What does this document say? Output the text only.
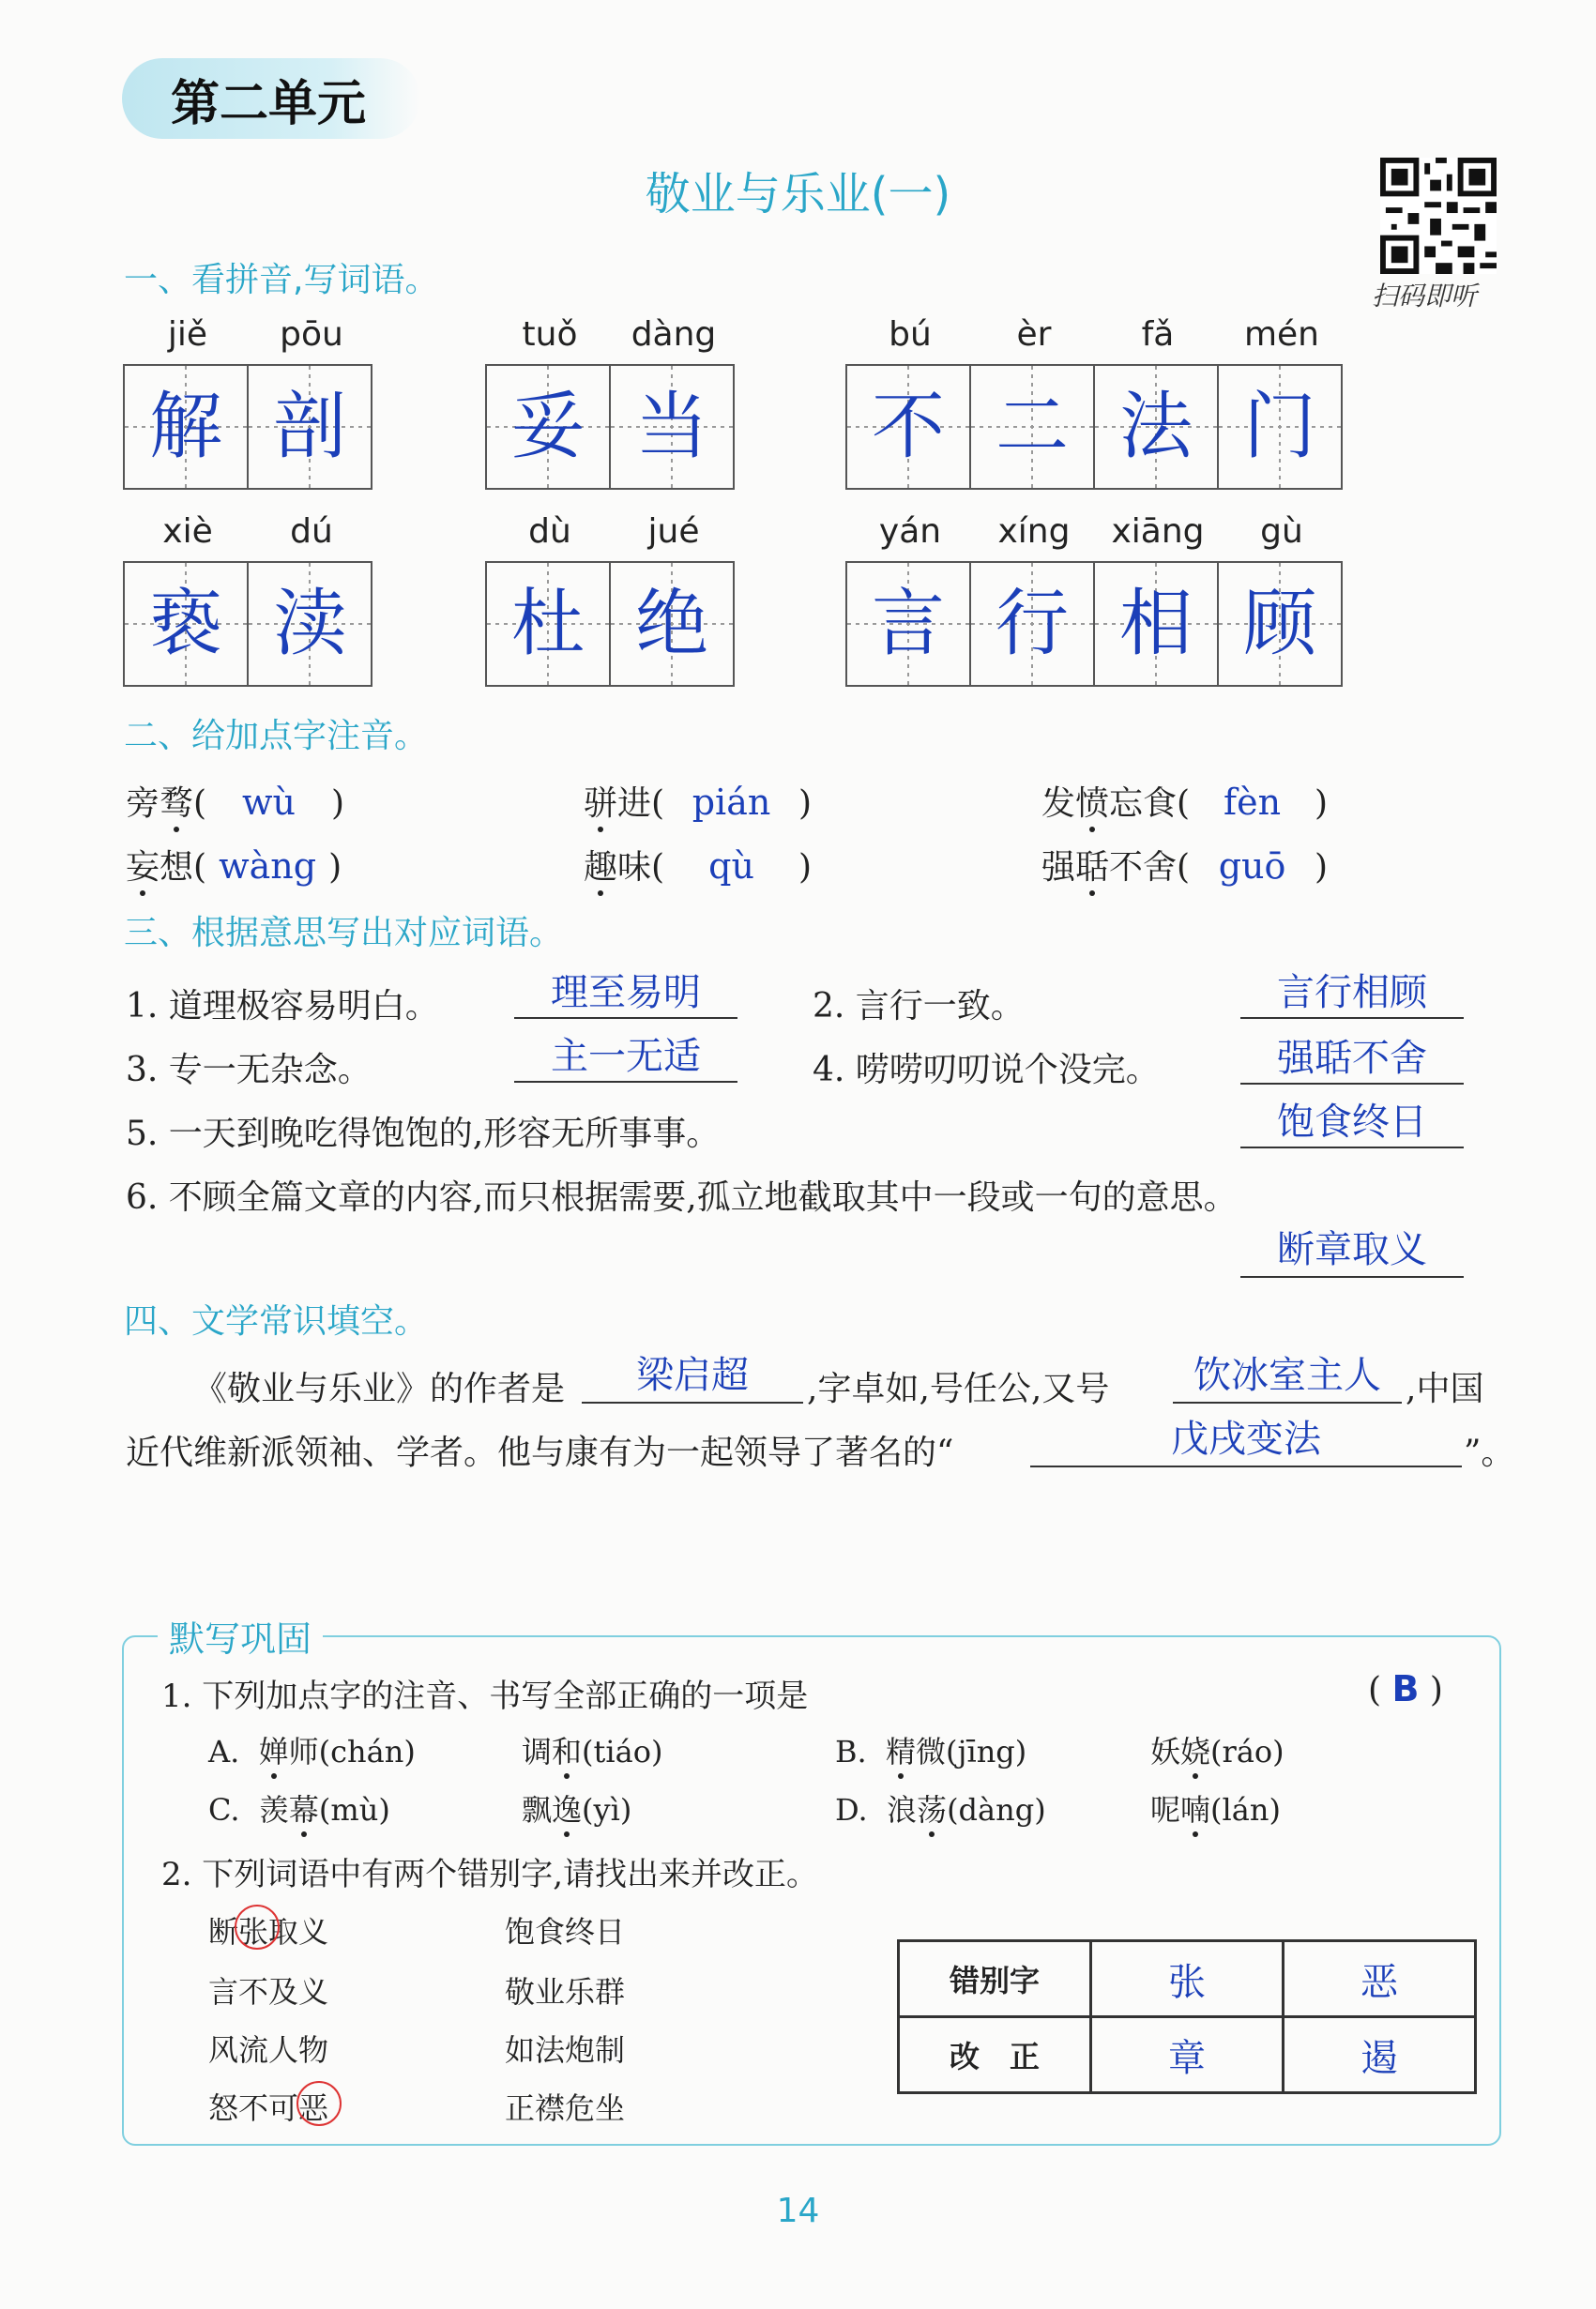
第二单元
敬业与乐业(一)
扫码即听
一、看拼音,写词语。
jiě	pōu	tuǒ	dàng	bú	èr	fǎ	mén
解 剖	妥 当	不 二 法 门
xiè	dú	dù	jué	yán	xíng	xiāng	gù
亵 渎	杜 绝	言 行 相 顾
二、给加点字注音。
旁骛( wù )	骈进( pián )	发愤忘食( fèn )
妄想( wàng )	趣味( qù )	强聒不舍( guō )
三、根据意思写出对应词语。
1. 道理极容易明白。	理至易明	2. 言行一致。	言行相顾
3. 专一无杂念。	主一无适	4. 唠唠叨叨说个没完。	强聒不舍
5. 一天到晚吃得饱饱的,形容无所事事。	饱食终日
6. 不顾全篇文章的内容,而只根据需要,孤立地截取其中一段或一句的意思。
断章取义
四、文学常识填空。
《敬业与乐业》的作者是	梁启超	,字卓如,号任公,又号	饮冰室主人 ,中国
近代维新派领袖、学者。他与康有为一起领导了著名的“	戊戌变法	”。
默写巩固
1. 下列加点字的注音、书写全部正确的一项是	( B )
A. 婵师(chán)	调和(tiáo)	B. 精微(jīng)	妖娆(ráo)
C. 羡幕(mù)	飘逸(yì)	D. 浪荡(dàng)	呢喃(lán)
2. 下列词语中有两个错别字,请找出来并改正。
断张取义
言不及义
风流人物
怒不可恶
饱食终日
敬业乐群
如法炮制
正襟危坐
错别字	张	恶
改　正	章	遏
14
